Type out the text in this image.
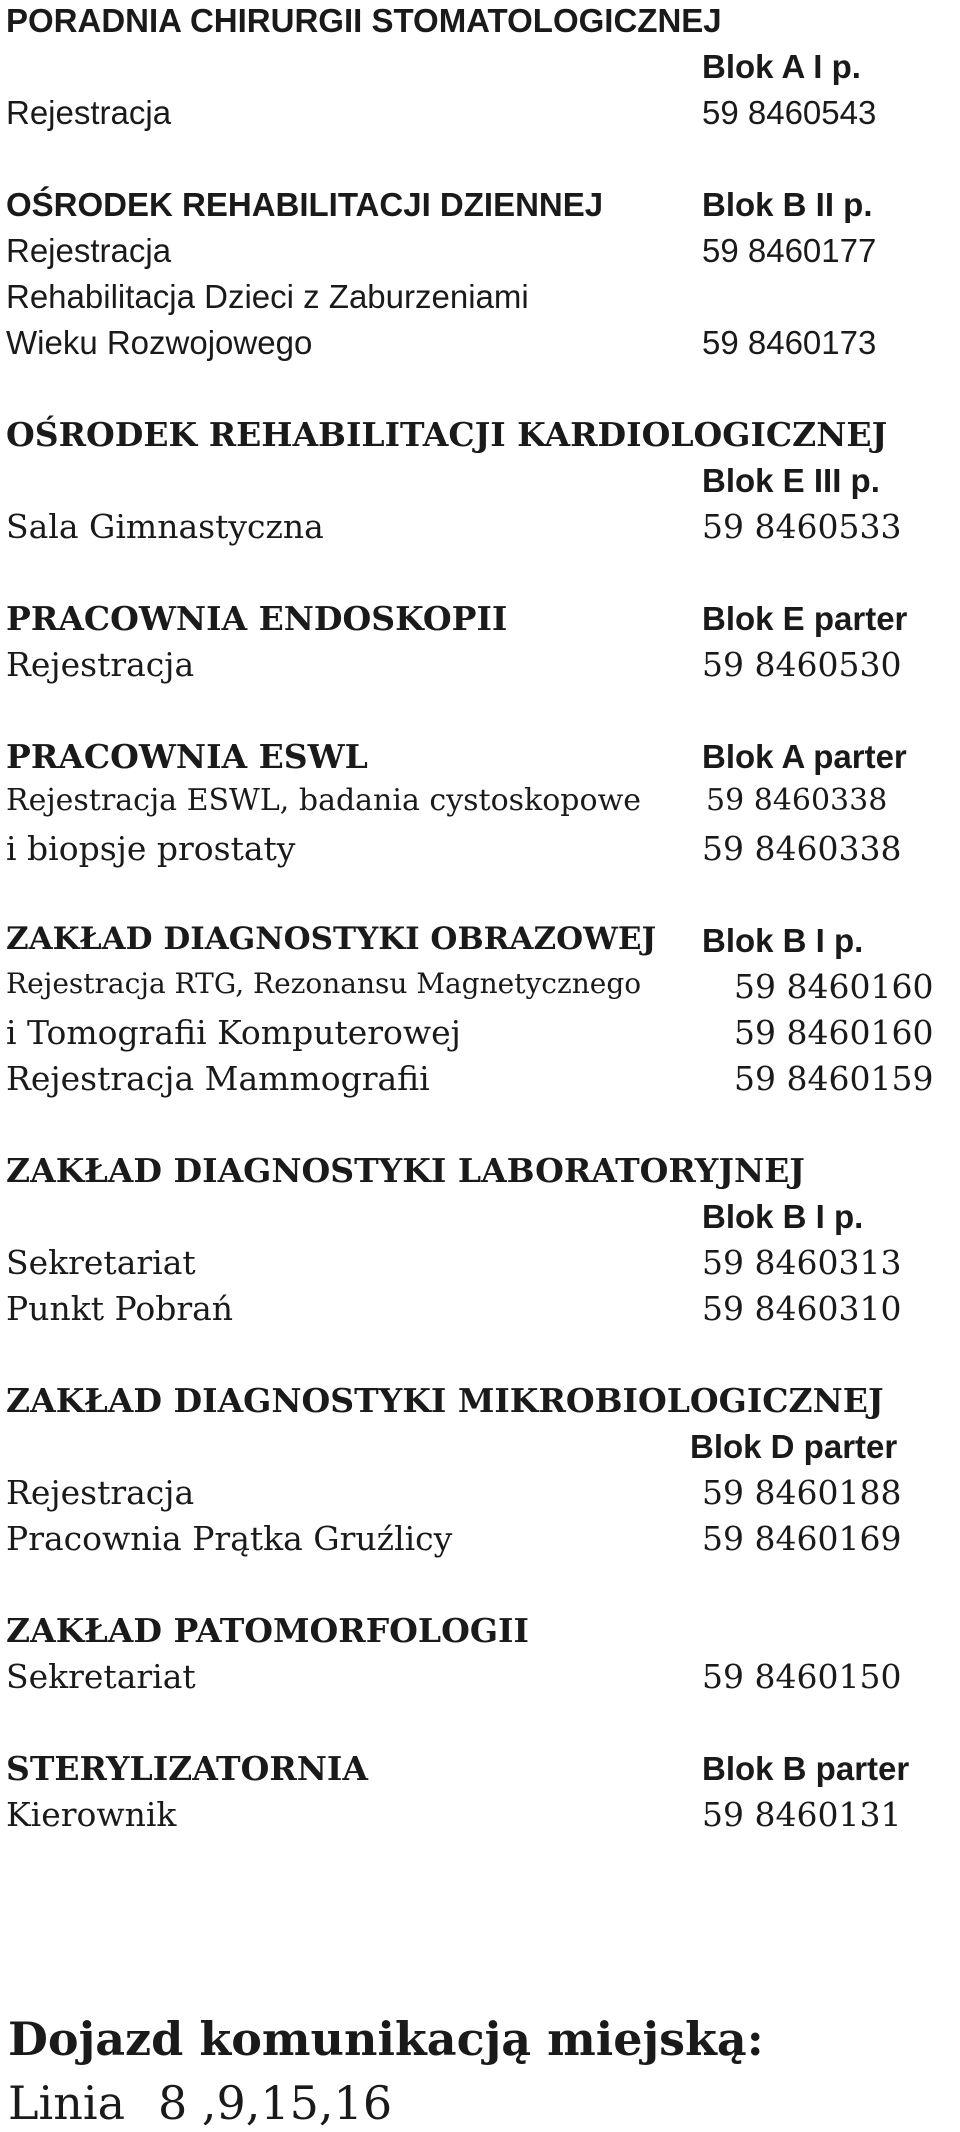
PORADNIA CHIRURGII STOMATOLOGICZNEJ
Blok A I p.
Rejestracja	59 8460543
OŚRODEK REHABILITACJI DZIENNEJ	Blok B II p.
Rejestracja	59 8460177
Rehabilitacja Dzieci z Zaburzeniami
Wieku Rozwojowego	59 8460173
OŚRODEK REHABILITACJI KARDIOLOGICZNEJ
Blok E III p.
Sala Gimnastyczna	59 8460533
PRACOWNIA ENDOSKOPII	Blok E parter
Rejestracja	59 8460530
PRACOWNIA ESWL	Blok A parter
Rejestracja ESWL, badania cystoskopowe 59 8460338
i biopsje prostaty	59 8460338
ZAKŁAD DIAGNOSTYKI OBRAZOWEJ Blok B I p.
Rejestracja RTG, Rezonansu Magnetycznego	59 8460160
i Tomografii Komputerowej	59 8460160
Rejestracja Mammografii	59 8460159
ZAKŁAD DIAGNOSTYKI LABORATORYJNEJ
Blok B I p.
Sekretariat	59 8460313
Punkt Pobrań	59 8460310
ZAKŁAD DIAGNOSTYKI MIKROBIOLOGICZNEJ
Blok D parter
Rejestracja	59 8460188
Pracownia Prątka Gruźlicy	59 8460169
ZAKŁAD PATOMORFOLOGII
Sekretariat	59 8460150
STERYLIZATORNIA	Blok B parter
Kierownik	59 8460131
Dojazd komunikacją miejską:
Linia 8 ,9,15,16
